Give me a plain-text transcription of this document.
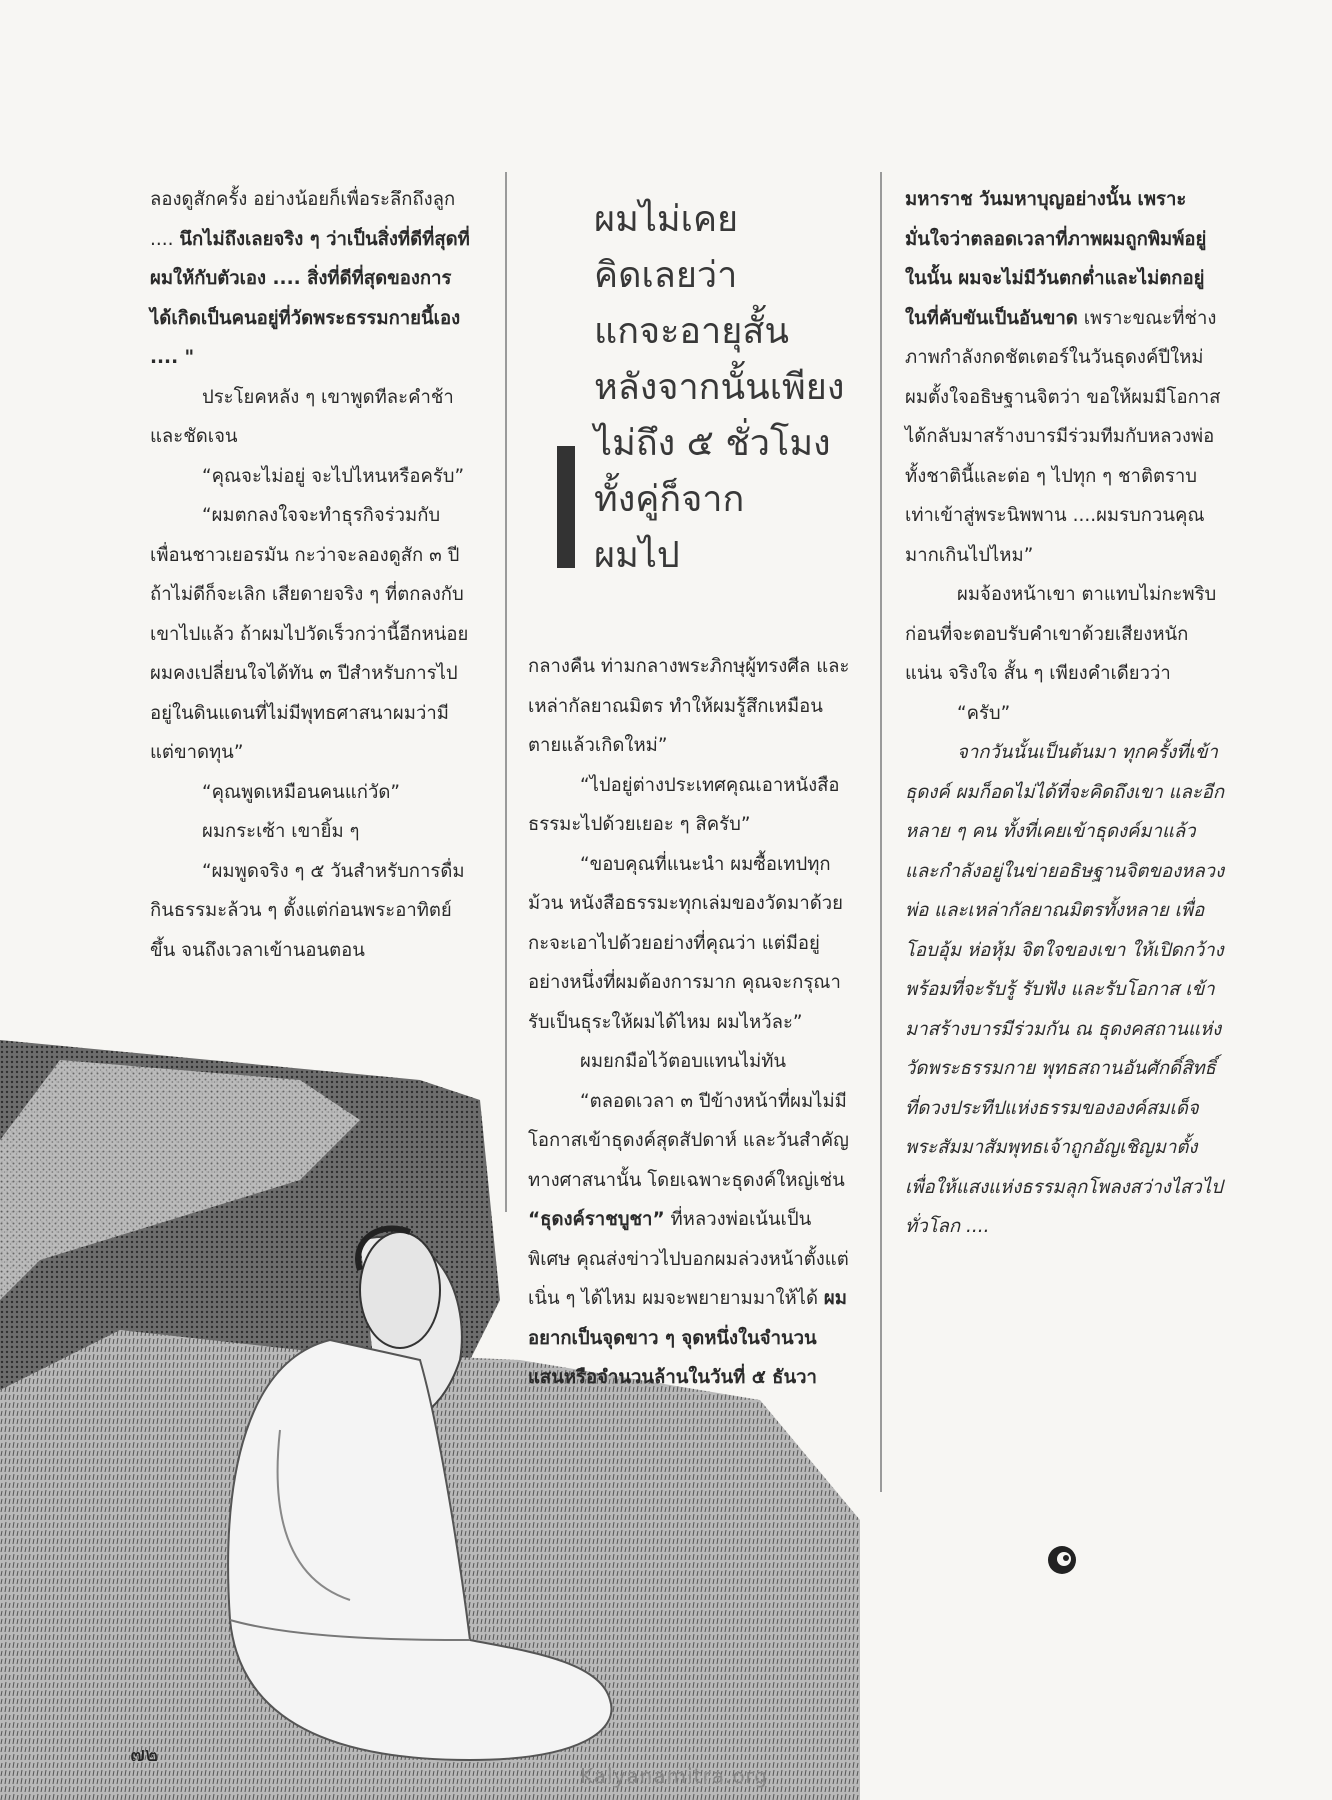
ลองดูสักครั้ง อย่างน้อยก็เพื่อระลึกถึงลูก .... นึกไม่ถึงเลยจริง ๆ ว่าเป็นสิ่งที่ดีที่สุดที่ผมให้กับตัวเอง .... สิ่งที่ดีที่สุดของการได้เกิดเป็นคนอยู่ที่วัดพระธรรมกายนี้เอง .... "

ประโยคหลัง ๆ เขาพูดทีละคำช้า และชัดเจน

“คุณจะไม่อยู่ จะไปไหนหรือครับ”

“ผมตกลงใจจะทำธุรกิจร่วมกับเพื่อนชาวเยอรมัน กะว่าจะลองดูสัก ๓ ปี ถ้าไม่ดีก็จะเลิก เสียดายจริง ๆ ที่ตกลงกับเขาไปแล้ว ถ้าผมไปวัดเร็วกว่านี้อีกหน่อยผมคงเปลี่ยนใจได้ทัน ๓ ปีสำหรับการไปอยู่ในดินแดนที่ไม่มีพุทธศาสนาผมว่ามีแต่ขาดทุน”

“คุณพูดเหมือนคนแก่วัด”

ผมกระเซ้า เขายิ้ม ๆ

“ผมพูดจริง ๆ ๕ วันสำหรับการดื่มกินธรรมะล้วน ๆ ตั้งแต่ก่อนพระอาทิตย์ขึ้น จนถึงเวลาเข้านอนตอน

ผมไม่เคย

คิดเลยว่า

แกจะอายุสั้น

หลังจากนั้นเพียง

ไม่ถึง ๕ ชั่วโมง

ทั้งคู่ก็จาก

ผมไป

กลางคืน ท่ามกลางพระภิกษุผู้ทรงศีล และเหล่ากัลยาณมิตร ทำให้ผมรู้สึกเหมือนตายแล้วเกิดใหม่”

“ไปอยู่ต่างประเทศคุณเอาหนังสือธรรมะไปด้วยเยอะ ๆ สิครับ”

“ขอบคุณที่แนะนำ ผมซื้อเทปทุกม้วน หนังสือธรรมะทุกเล่มของวัดมาด้วย กะจะเอาไปด้วยอย่างที่คุณว่า แต่มีอยู่อย่างหนึ่งที่ผมต้องการมาก คุณจะกรุณารับเป็นธุระให้ผมได้ไหม ผมไหว้ละ”

ผมยกมือไว้ตอบแทนไม่ทัน

“ตลอดเวลา ๓ ปีข้างหน้าที่ผมไม่มีโอกาสเข้าธุดงค์สุดสัปดาห์ และวันสำคัญทางศาสนานั้น โดยเฉพาะธุดงค์ใหญ่เช่น “ธุดงค์ราชบูชา” ที่หลวงพ่อเน้นเป็นพิเศษ คุณส่งข่าวไปบอกผมล่วงหน้าตั้งแต่เนิ่น ๆ ได้ไหม ผมจะพยายามมาให้ได้ ผมอยากเป็นจุดขาว ๆ จุดหนึ่งในจำนวนแสนหรือจำนวนล้านในวันที่ ๕ ธันวา

มหาราช วันมหาบุญอย่างนั้น เพราะมั่นใจว่าตลอดเวลาที่ภาพผมถูกพิมพ์อยู่ในนั้น ผมจะไม่มีวันตกต่ำและไม่ตกอยู่ในที่คับขันเป็นอันขาด เพราะขณะที่ช่างภาพกำลังกดชัตเตอร์ในวันธุดงค์ปีใหม่ ผมตั้งใจอธิษฐานจิตว่า ขอให้ผมมีโอกาสได้กลับมาสร้างบารมีร่วมทีมกับหลวงพ่อ ทั้งชาตินี้และต่อ ๆ ไปทุก ๆ ชาติตราบเท่าเข้าสู่พระนิพพาน ....ผมรบกวนคุณมากเกินไปไหม”

ผมจ้องหน้าเขา ตาแทบไม่กะพริบ ก่อนที่จะตอบรับคำเขาด้วยเสียงหนักแน่น จริงใจ สั้น ๆ เพียงคำเดียวว่า

“ครับ”

จากวันนั้นเป็นต้นมา ทุกครั้งที่เข้าธุดงค์ ผมก็อดไม่ได้ที่จะคิดถึงเขา และอีกหลาย ๆ คน ทั้งที่เคยเข้าธุดงค์มาแล้ว และกำลังอยู่ในข่ายอธิษฐานจิตของหลวงพ่อ และเหล่ากัลยาณมิตรทั้งหลาย เพื่อโอบอุ้ม ห่อหุ้ม จิตใจของเขา ให้เปิดกว้างพร้อมที่จะรับรู้ รับฟัง และรับโอกาส เข้ามาสร้างบารมีร่วมกัน ณ ธุดงคสถานแห่งวัดพระธรรมกาย พุทธสถานอันศักดิ์สิทธิ์ ที่ดวงประทีปแห่งธรรมขององค์สมเด็จพระสัมมาสัมพุทธเจ้าถูกอัญเชิญมาตั้ง เพื่อให้แสงแห่งธรรมลุกโพลงสว่างไสวไปทั่วโลก ....

๗๒
Kalyanamitra.org
